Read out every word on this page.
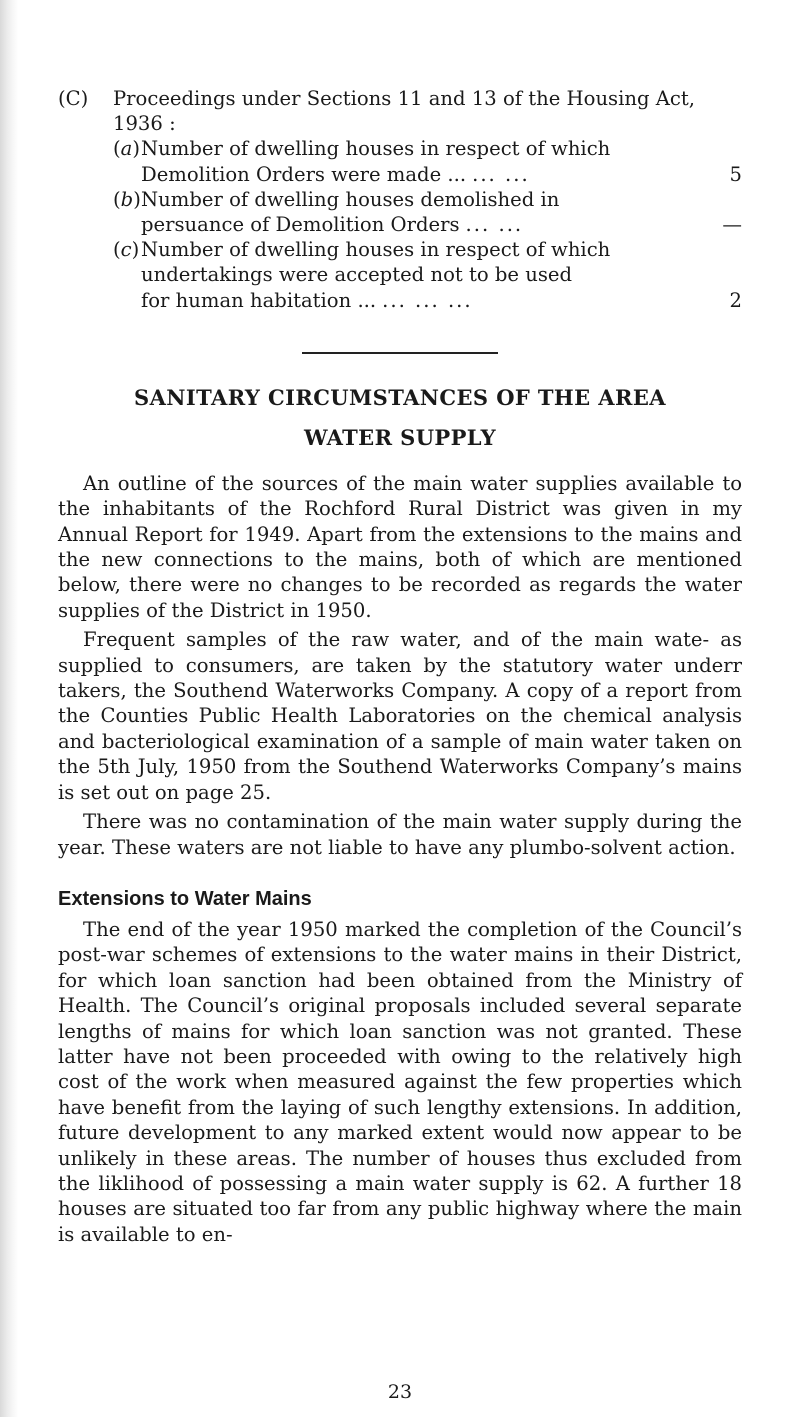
(C)	Proceedings under Sections 11 and 13 of the Housing Act, 1936 :
(a) Number of dwelling houses in respect of which
Demolition Orders were made ... ... ...	5
(b) Number of dwelling houses demolished in
persuance of Demolition Orders ... ...	—
(c) Number of dwelling houses in respect of which
undertakings were accepted not to be used
for human habitation ... ... ... ...	2
SANITARY CIRCUMSTANCES OF THE AREA
WATER SUPPLY

An outline of the sources of the main water supplies available to the inhabitants of the Rochford Rural District was given in my Annual Report for 1949. Apart from the extensions to the mains and the new connections to the mains, both of which are mentioned below, there were no changes to be recorded as regards the water supplies of the District in 1950.

Frequent samples of the raw water, and of the main wate- as supplied to consumers, are taken by the statutory water underr takers, the Southend Waterworks Company. A copy of a report from the Counties Public Health Laboratories on the chemical analysis and bacteriological examination of a sample of main water taken on the 5th July, 1950 from the Southend Waterworks Company’s mains is set out on page 25.

There was no contamination of the main water supply during the year. These waters are not liable to have any plumbo-solvent action.

Extensions to Water Mains

The end of the year 1950 marked the completion of the Council’s post-war schemes of extensions to the water mains in their District, for which loan sanction had been obtained from the Ministry of Health. The Council’s original proposals included several separate lengths of mains for which loan sanction was not granted. These latter have not been proceeded with owing to the relatively high cost of the work when measured against the few properties which have benefit from the laying of such lengthy extensions. In addition, future development to any marked extent would now appear to be unlikely in these areas. The number of houses thus excluded from the liklihood of possessing a main water supply is 62. A further 18 houses are situated too far from any public highway where the main is available to en-

23
